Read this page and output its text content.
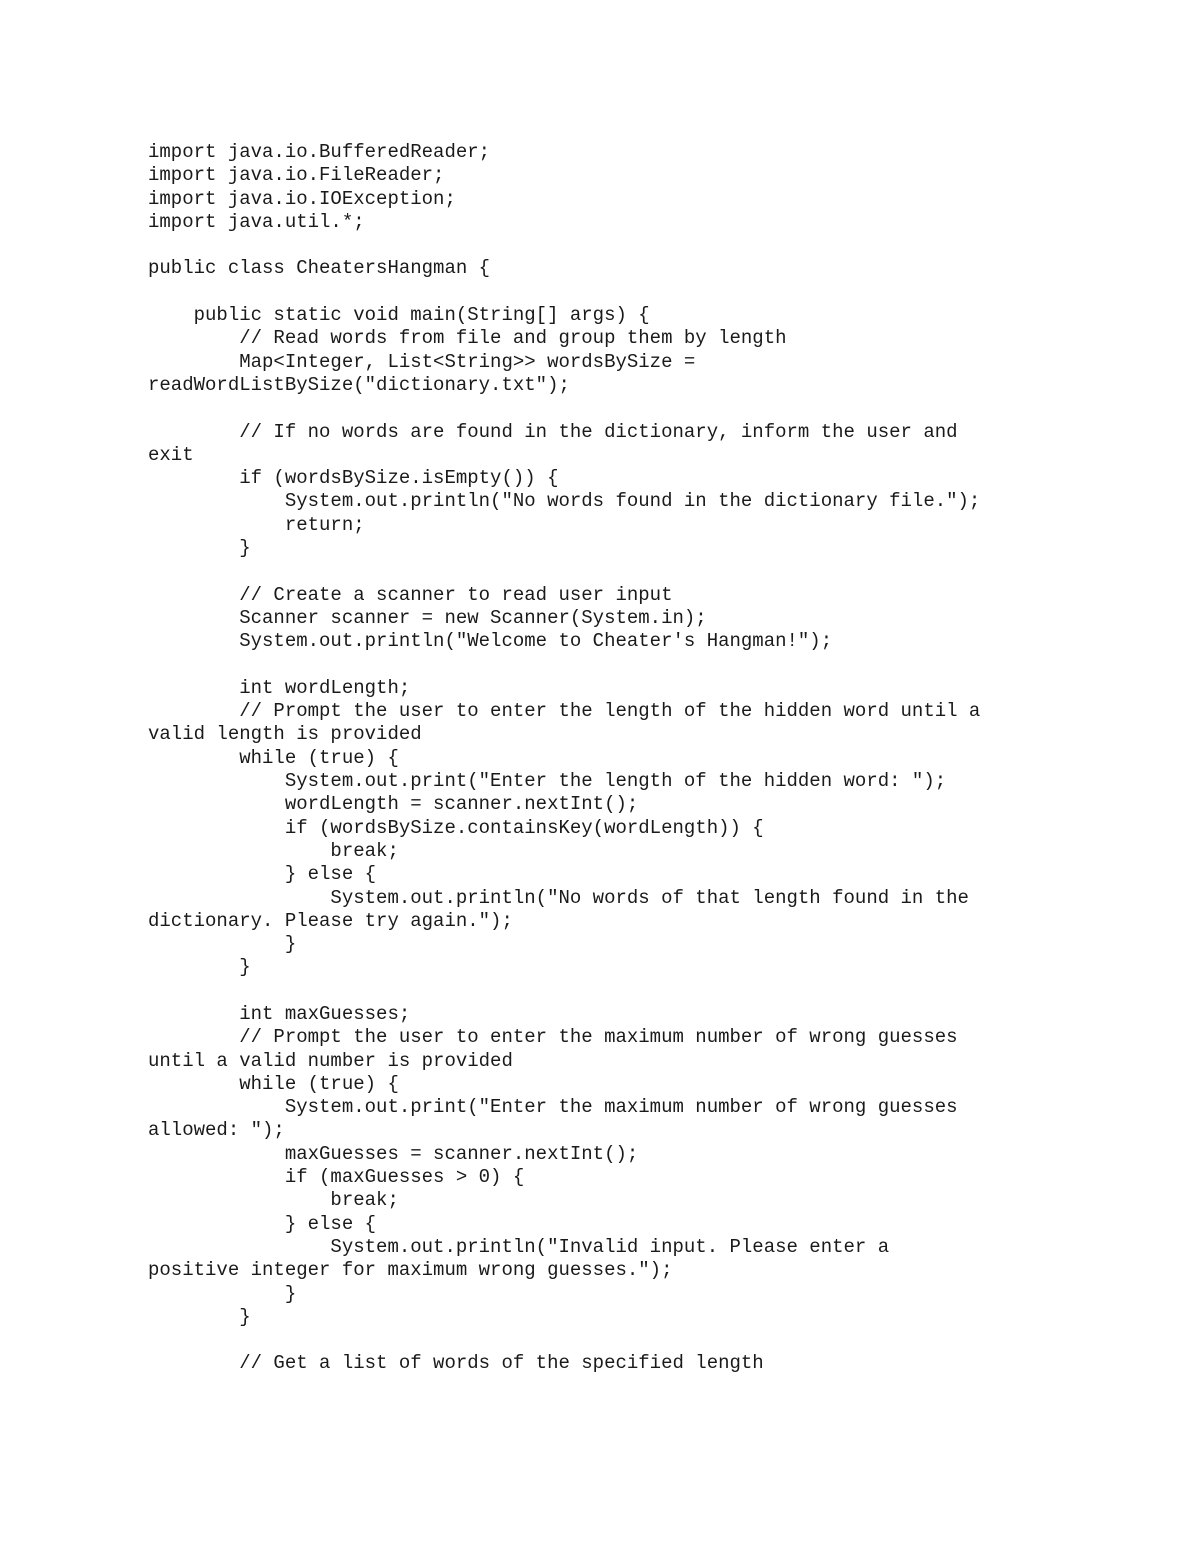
import java.io.BufferedReader;
import java.io.FileReader;
import java.io.IOException;
import java.util.*;
public class CheatersHangman {
public static void main(String[] args) {
// Read words from file and group them by length
Map<Integer, List<String>> wordsBySize =
readWordListBySize("dictionary.txt");
// If no words are found in the dictionary, inform the user and
exit
if (wordsBySize.isEmpty()) {
System.out.println("No words found in the dictionary file.");
return;
}
// Create a scanner to read user input
Scanner scanner = new Scanner(System.in);
System.out.println("Welcome to Cheater's Hangman!");
int wordLength;
// Prompt the user to enter the length of the hidden word until a
valid length is provided
while (true) {
System.out.print("Enter the length of the hidden word: ");
wordLength = scanner.nextInt();
if (wordsBySize.containsKey(wordLength)) {
break;
} else {
System.out.println("No words of that length found in the
dictionary. Please try again.");
}
}
int maxGuesses;
// Prompt the user to enter the maximum number of wrong guesses
until a valid number is provided
while (true) {
System.out.print("Enter the maximum number of wrong guesses
allowed: ");
maxGuesses = scanner.nextInt();
if (maxGuesses > 0) {
break;
} else {
System.out.println("Invalid input. Please enter a
positive integer for maximum wrong guesses.");
}
}
// Get a list of words of the specified length
